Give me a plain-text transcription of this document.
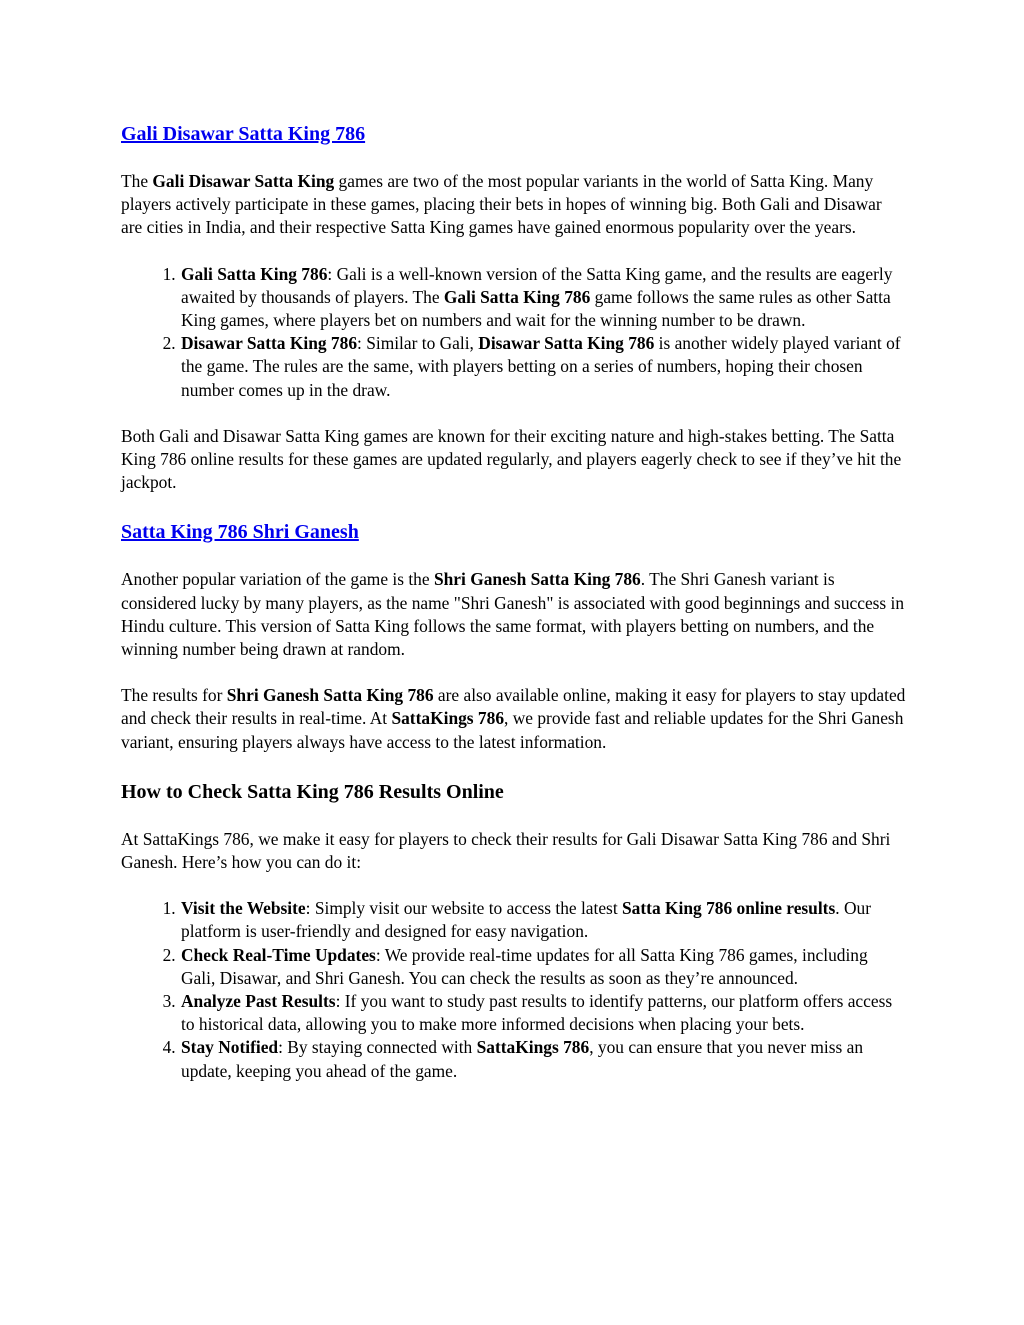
Gali Disawar Satta King 786

The Gali Disawar Satta King games are two of the most popular variants in the world of Satta King. Many players actively participate in these games, placing their bets in hopes of winning big. Both Gali and Disawar are cities in India, and their respective Satta King games have gained enormous popularity over the years.

1. Gali Satta King 786: Gali is a well-known version of the Satta King game, and the results are eagerly awaited by thousands of players. The Gali Satta King 786 game follows the same rules as other Satta King games, where players bet on numbers and wait for the winning number to be drawn.
2. Disawar Satta King 786: Similar to Gali, Disawar Satta King 786 is another widely played variant of the game. The rules are the same, with players betting on a series of numbers, hoping their chosen number comes up in the draw.

Both Gali and Disawar Satta King games are known for their exciting nature and high-stakes betting. The Satta King 786 online results for these games are updated regularly, and players eagerly check to see if they’ve hit the jackpot.

Satta King 786 Shri Ganesh

Another popular variation of the game is the Shri Ganesh Satta King 786. The Shri Ganesh variant is considered lucky by many players, as the name "Shri Ganesh" is associated with good beginnings and success in Hindu culture. This version of Satta King follows the same format, with players betting on numbers, and the winning number being drawn at random.

The results for Shri Ganesh Satta King 786 are also available online, making it easy for players to stay updated and check their results in real-time. At SattaKings 786, we provide fast and reliable updates for the Shri Ganesh variant, ensuring players always have access to the latest information.

How to Check Satta King 786 Results Online

At SattaKings 786, we make it easy for players to check their results for Gali Disawar Satta King 786 and Shri Ganesh. Here’s how you can do it:

1. Visit the Website: Simply visit our website to access the latest Satta King 786 online results. Our platform is user-friendly and designed for easy navigation.
2. Check Real-Time Updates: We provide real-time updates for all Satta King 786 games, including Gali, Disawar, and Shri Ganesh. You can check the results as soon as they’re announced.
3. Analyze Past Results: If you want to study past results to identify patterns, our platform offers access to historical data, allowing you to make more informed decisions when placing your bets.
4. Stay Notified: By staying connected with SattaKings 786, you can ensure that you never miss an update, keeping you ahead of the game.
